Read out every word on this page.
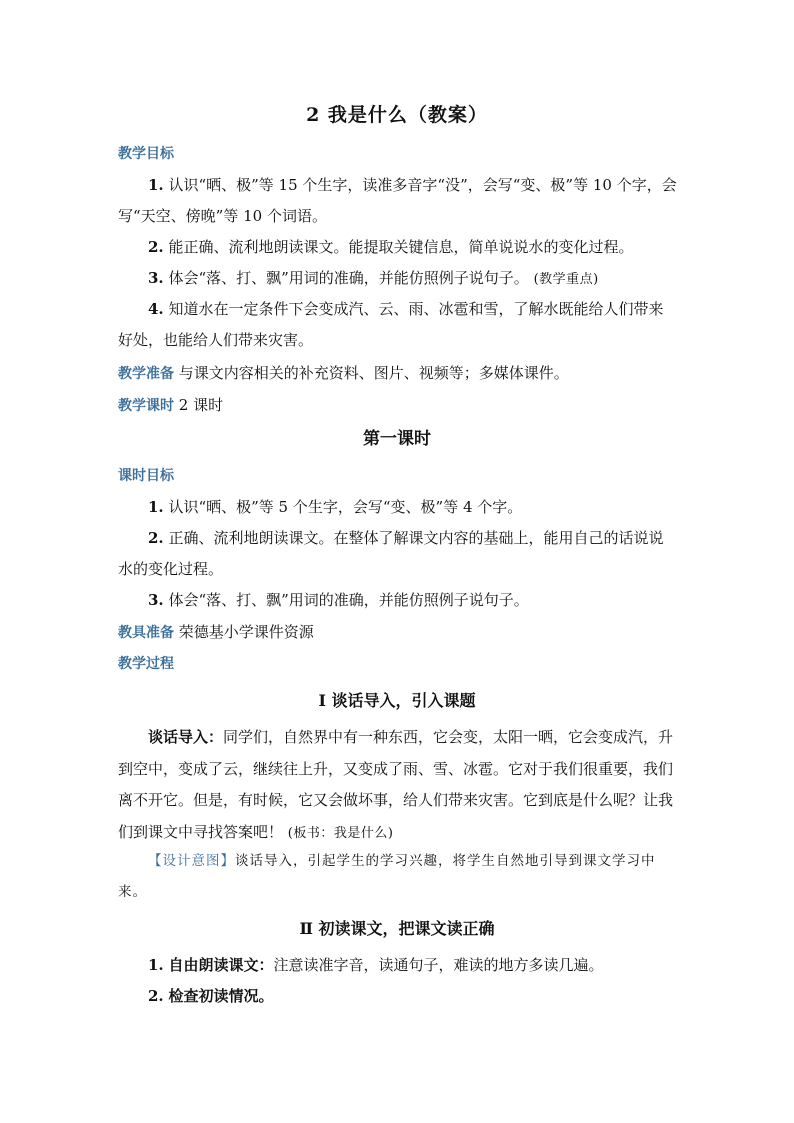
2 我是什么（教案）

教学目标

1. 认识“晒、极”等 15 个生字，读准多音字“没”，会写“变、极”等 10 个字，会写“天空、傍晚”等 10 个词语。

2. 能正确、流利地朗读课文。能提取关键信息，简单说说水的变化过程。

3. 体会“落、打、飘”用词的准确，并能仿照例子说句子。 (教学重点)

4. 知道水在一定条件下会变成汽、云、雨、冰雹和雪，了解水既能给人们带来好处，也能给人们带来灾害。

教学准备 与课文内容相关的补充资料、图片、视频等；多媒体课件。

教学课时 2 课时

第一课时

课时目标

1. 认识“晒、极”等 5 个生字，会写“变、极”等 4 个字。

2. 正确、流利地朗读课文。在整体了解课文内容的基础上，能用自己的话说说水的变化过程。

3. 体会“落、打、飘”用词的准确，并能仿照例子说句子。

教具准备 荣德基小学课件资源

教学过程

Ⅰ 谈话导入，引入课题

谈话导入：同学们，自然界中有一种东西，它会变，太阳一晒，它会变成汽，升到空中，变成了云，继续往上升，又变成了雨、雪、冰雹。它对于我们很重要，我们离不开它。但是，有时候，它又会做坏事，给人们带来灾害。它到底是什么呢？让我们到课文中寻找答案吧！ (板书：我是什么)

【设计意图】谈话导入，引起学生的学习兴趣，将学生自然地引导到课文学习中来。

Ⅱ 初读课文，把课文读正确

1. 自由朗读课文：注意读准字音，读通句子，难读的地方多读几遍。

2. 检查初读情况。
